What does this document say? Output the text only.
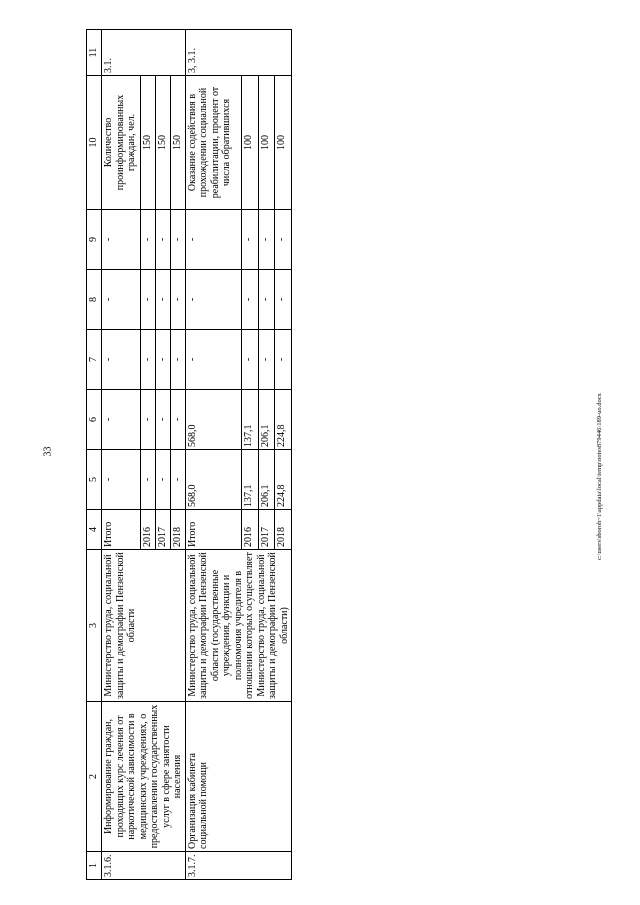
33	c:\users\sboroh~1\appdata\local\temp\notes879446\189-uo.docx
1	2	3	4	5	6	7	8	9	10	11
3.1.6.	Информирование граждан, проходящих курс лечения от наркотической зависимости в медицинских учреждениях, о предоставлении государственных услуг в сфере занятости населения	Министерство труда, социальной защиты и демографии Пензенской области	Итого	-	-	-	-	-	Количество проинформированных граждан, чел.	3.1.
			2016	-	-	-	-	-	150	
			2017	-	-	-	-	-	150	
			2018	-	-	-	-	-	150	
3.1.7.	Организация кабинета социальной помощи	Министерство труда, социальной защиты и демографии Пензенской области (государственные учреждения, функции и полномочия учредителя в отношении которых осуществляет Министерство труда, социальной защиты и демографии Пензенской области)	Итого	568,0	568,0	-	-	-	Оказание содействия в прохождении социальной реабилитации, процент от числа обратившихся	3, 3.1.
			2016	137,1	137,1	-	-	-	100	
			2017	206,1	206,1	-	-	-	100	
			2018	224,8	224,8	-	-	-	100	
